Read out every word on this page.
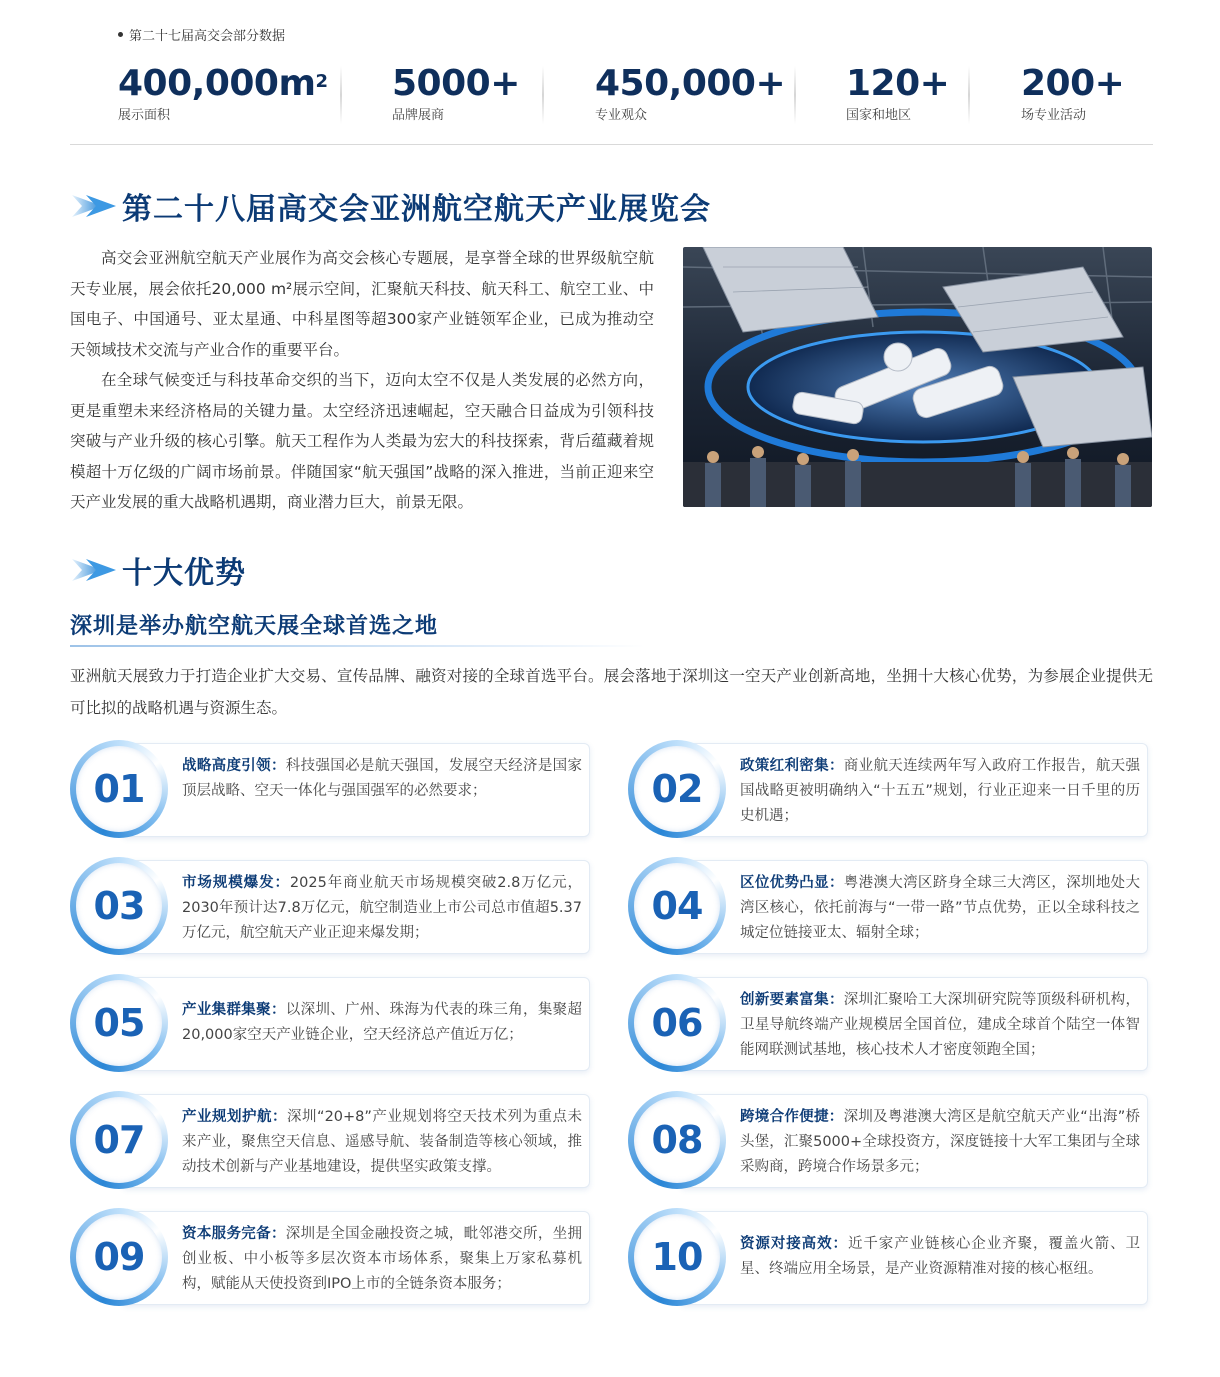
第二十七届高交会部分数据
$400,000m^2$
展示面积
5000+
品牌展商
450,000+
专业观众
120+
国家和地区
200+
场专业活动
第二十八届高交会亚洲航空航天产业展览会

高交会亚洲航空航天产业展作为高交会核心专题展，是享誉全球的世界级航空航天专业展，展会依托20,000 m²展示空间，汇聚航天科技、航天科工、航空工业、中国电子、中国通号、亚太星通、中科星图等超300家产业链领军企业，已成为推动空天领域技术交流与产业合作的重要平台。

在全球气候变迁与科技革命交织的当下，迈向太空不仅是人类发展的必然方向，更是重塑未来经济格局的关键力量。太空经济迅速崛起，空天融合日益成为引领科技突破与产业升级的核心引擎。航天工程作为人类最为宏大的科技探索，背后蕴藏着规模超十万亿级的广阔市场前景。伴随国家“航天强国”战略的深入推进，当前正迎来空天产业发展的重大战略机遇期，商业潜力巨大，前景无限。

十大优势
深圳是举办航空航天展全球首选之地
亚洲航天展致力于打造企业扩大交易、宣传品牌、融资对接的全球首选平台。展会落地于深圳这一空天产业创新高地，坐拥十大核心优势，为参展企业提供无可比拟的战略机遇与资源生态。
01
战略高度引领：科技强国必是航天强国，发展空天经济是国家顶层战略、空天一体化与强国强军的必然要求；	02
政策红利密集：商业航天连续两年写入政府工作报告，航天强国战略更被明确纳入“十五五”规划，行业正迎来一日千里的历史机遇；
03
市场规模爆发：2025年商业航天市场规模突破2.8万亿元，2030年预计达7.8万亿元，航空制造业上市公司总市值超5.37万亿元，航空航天产业正迎来爆发期；
04
区位优势凸显：粤港澳大湾区跻身全球三大湾区，深圳地处大湾区核心，依托前海与“一带一路”节点优势，正以全球科技之城定位链接亚太、辐射全球；
05	产业集群集聚：以深圳、广州、珠海为代表的珠三角，集聚超20,000家空天产业链企业，空天经济总产值近万亿；	06
创新要素富集：深圳汇聚哈工大深圳研究院等顶级科研机构，卫星导航终端产业规模居全国首位，建成全球首个陆空一体智能网联测试基地，核心技术人才密度领跑全国；
07
产业规划护航：深圳“20+8”产业规划将空天技术列为重点未来产业，聚焦空天信息、遥感导航、装备制造等核心领域，推动技术创新与产业基地建设，提供坚实政策支撑。
08
跨境合作便捷：深圳及粤港澳大湾区是航空航天产业“出海”桥头堡，汇聚5000+全球投资方，深度链接十大军工集团与全球采购商，跨境合作场景多元；
09
资本服务完备：深圳是全国金融投资之城，毗邻港交所，坐拥创业板、中小板等多层次资本市场体系，聚集上万家私募机构，赋能从天使投资到IPO上市的全链条资本服务；
10	资源对接高效：近千家产业链核心企业齐聚，覆盖火箭、卫星、终端应用全场景，是产业资源精准对接的核心枢纽。
